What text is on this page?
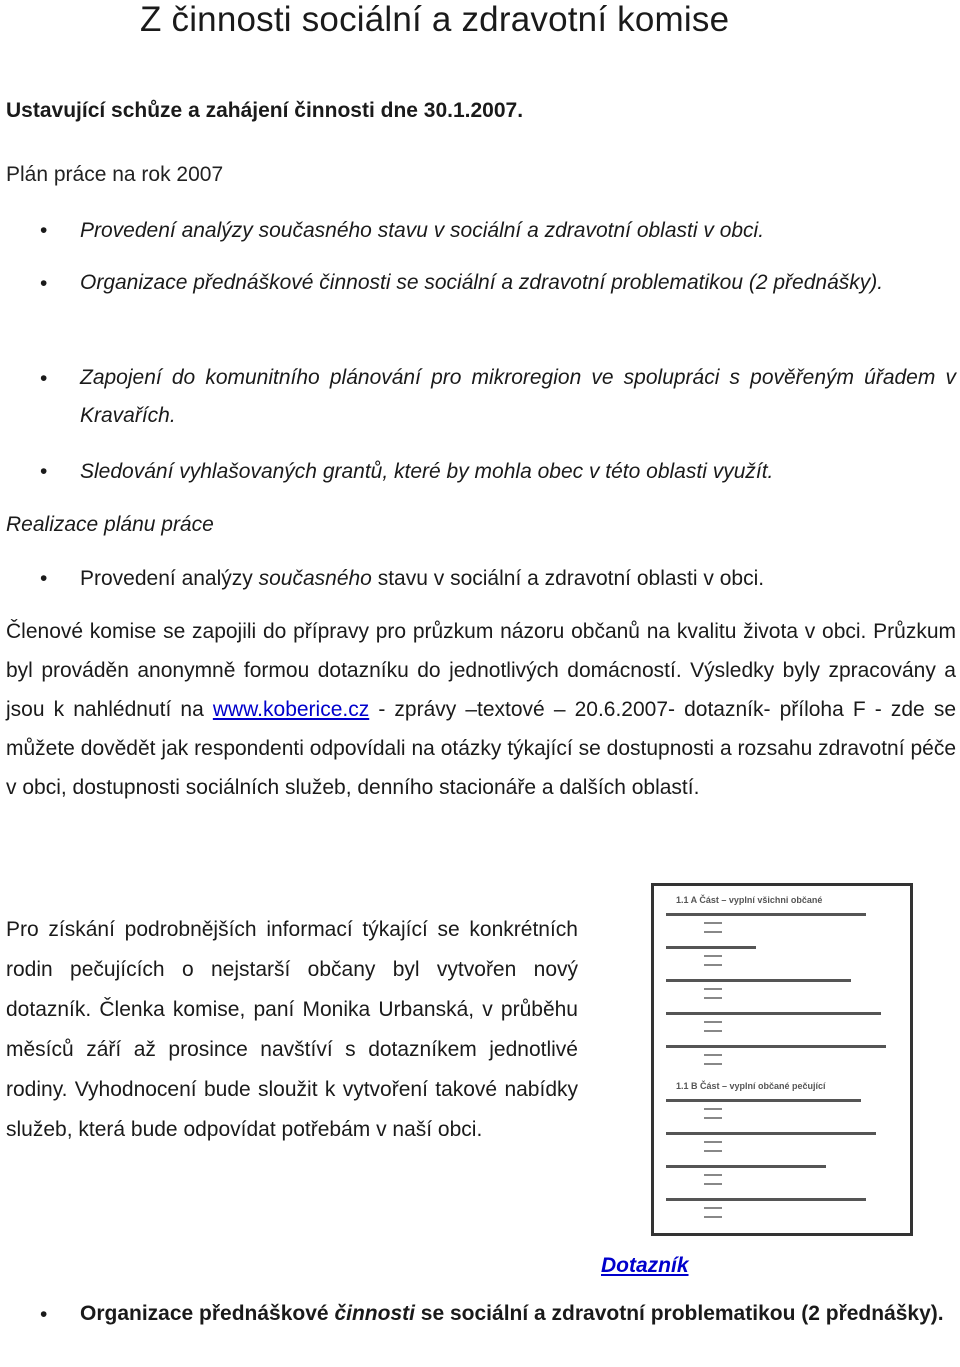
Z činnosti sociální a zdravotní komise
Ustavující schůze a zahájení činnosti dne 30.1.2007.
Plán práce na rok 2007
• Provedení analýzy současného stavu v sociální a zdravotní oblasti v obci.
• Organizace přednáškové činnosti se sociální a zdravotní problematikou (2 přednášky).
• Zapojení do komunitního plánování pro mikroregion ve spolupráci s pověřeným úřadem v Kravařích.
• Sledování vyhlašovaných grantů, které by mohla obec v této oblasti využít.
Realizace plánu práce
• Provedení analýzy současného stavu v sociální a zdravotní oblasti v obci.
Členové komise se zapojili do přípravy pro průzkum názoru občanů na kvalitu života v obci. Průzkum byl prováděn anonymně formou dotazníku do jednotlivých domácností. Výsledky byly zpracovány a jsou k nahlédnutí na www.koberice.cz - zprávy –textové – 20.6.2007- dotazník- příloha F - zde se můžete dovědět jak respondenti odpovídali na otázky týkající se dostupnosti a rozsahu zdravotní péče v obci, dostupnosti sociálních služeb, denního stacionáře a dalších oblastí.
Pro získání podrobnějších informací týkající se konkrétních rodin pečujících o nejstarší občany byl vytvořen nový dotazník. Členka komise, paní Monika Urbanská, v průběhu měsíců září až prosince navštíví s dotazníkem jednotlivé rodiny. Vyhodnocení bude sloužit k vytvoření takové nabídky služeb, která bude odpovídat potřebám v naší obci.
1.1 A Část – vyplní všichni občané
1.1 B Část – vyplní občané pečující
Dotazník
• Organizace přednáškové činnosti se sociální a zdravotní problematikou (2 přednášky).
